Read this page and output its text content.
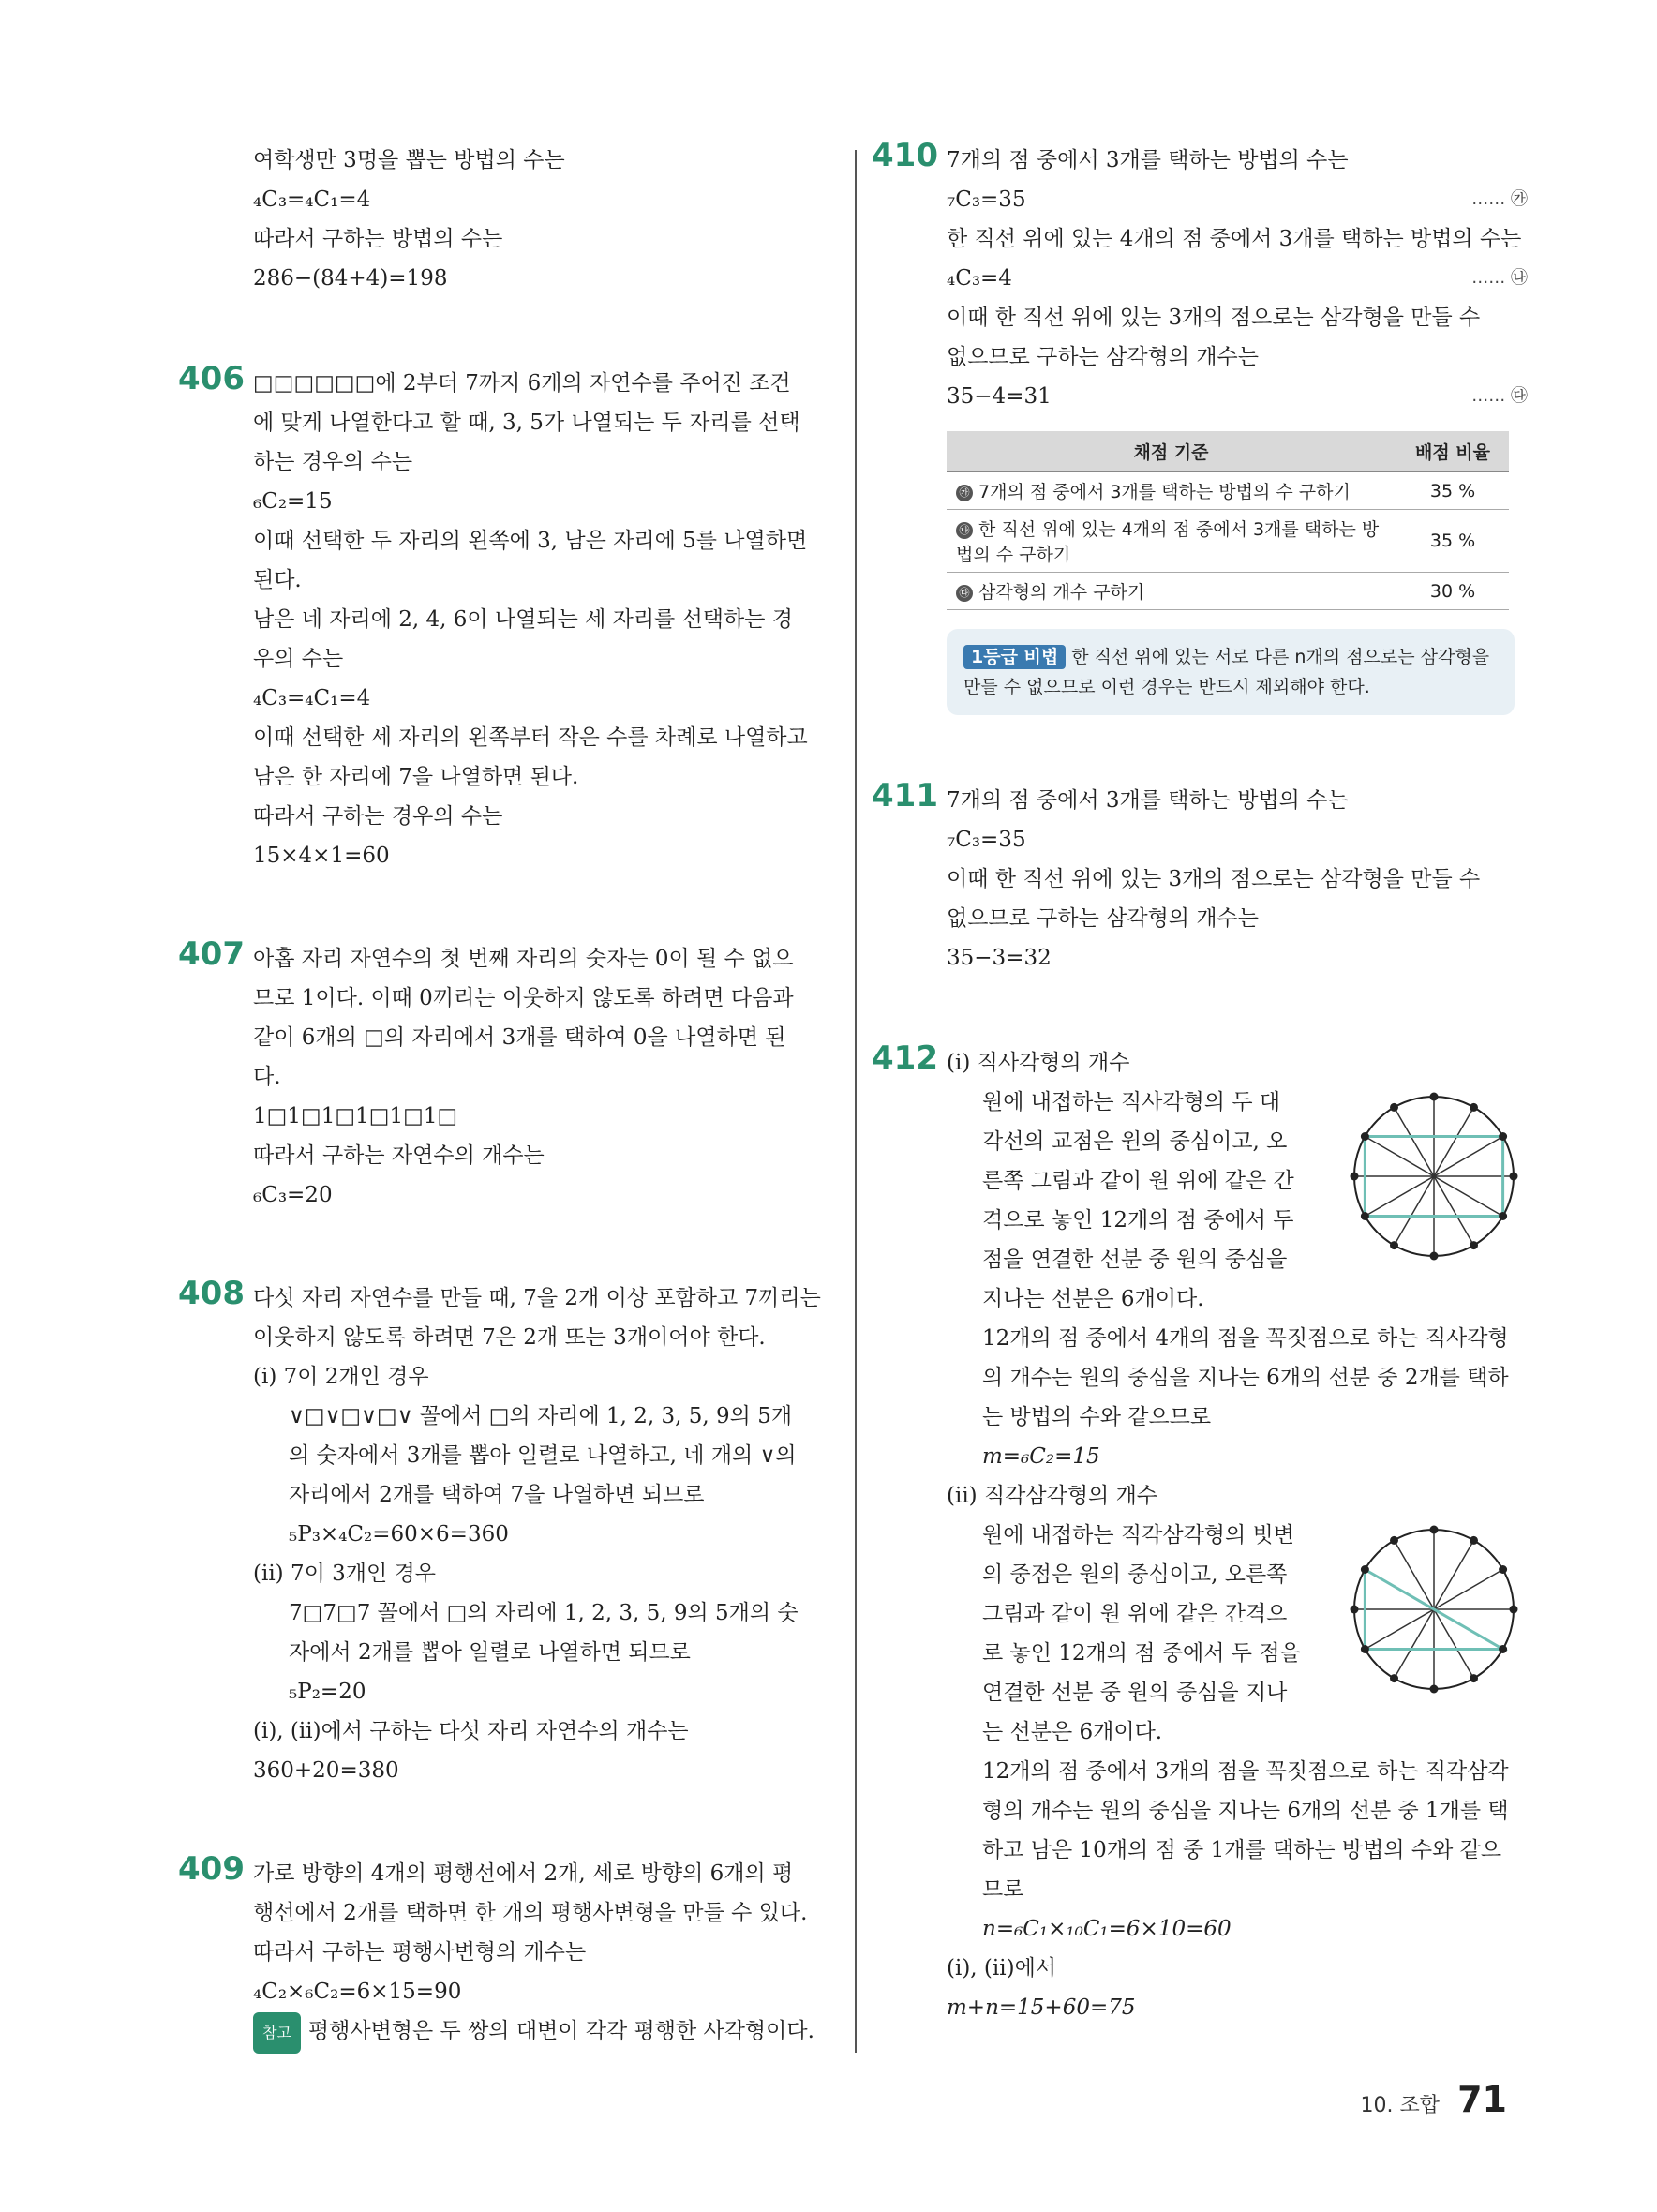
여학생만 3명을 뽑는 방법의 수는
₄C₃=₄C₁=4
따라서 구하는 방법의 수는
286−(84+4)=198
406 □□□□□□에 2부터 7까지 6개의 자연수를 주어진 조건
에 맞게 나열한다고 할 때, 3, 5가 나열되는 두 자리를 선택
하는 경우의 수는
₆C₂=15
이때 선택한 두 자리의 왼쪽에 3, 남은 자리에 5를 나열하면
된다.
남은 네 자리에 2, 4, 6이 나열되는 세 자리를 선택하는 경
우의 수는
₄C₃=₄C₁=4
이때 선택한 세 자리의 왼쪽부터 작은 수를 차례로 나열하고
남은 한 자리에 7을 나열하면 된다.
따라서 구하는 경우의 수는
15×4×1=60
407 아홉 자리 자연수의 첫 번째 자리의 숫자는 0이 될 수 없으
므로 1이다. 이때 0끼리는 이웃하지 않도록 하려면 다음과
같이 6개의 □의 자리에서 3개를 택하여 0을 나열하면 된
다.
1□1□1□1□1□1□
따라서 구하는 자연수의 개수는
₆C₃=20
408 다섯 자리 자연수를 만들 때, 7을 2개 이상 포함하고 7끼리는
이웃하지 않도록 하려면 7은 2개 또는 3개이어야 한다.
(ⅰ) 7이 2개인 경우
∨□∨□∨□∨ 꼴에서 □의 자리에 1, 2, 3, 5, 9의 5개
의 숫자에서 3개를 뽑아 일렬로 나열하고, 네 개의 ∨의
자리에서 2개를 택하여 7을 나열하면 되므로
₅P₃×₄C₂=60×6=360
(ⅱ) 7이 3개인 경우
7□7□7 꼴에서 □의 자리에 1, 2, 3, 5, 9의 5개의 숫
자에서 2개를 뽑아 일렬로 나열하면 되므로
₅P₂=20
(ⅰ), (ⅱ)에서 구하는 다섯 자리 자연수의 개수는
360+20=380
409 가로 방향의 4개의 평행선에서 2개, 세로 방향의 6개의 평
행선에서 2개를 택하면 한 개의 평행사변형을 만들 수 있다.
따라서 구하는 평행사변형의 개수는
₄C₂×₆C₂=6×15=90
참고 평행사변형은 두 쌍의 대변이 각각 평행한 사각형이다.
410 7개의 점 중에서 3개를 택하는 방법의 수는
₇C₃=35	…… ㉮
한 직선 위에 있는 4개의 점 중에서 3개를 택하는 방법의 수는
₄C₃=4	…… ㉯
이때 한 직선 위에 있는 3개의 점으로는 삼각형을 만들 수
없으므로 구하는 삼각형의 개수는
35−4=31	…… ㉰
채점 기준	배점 비율
㉮ 7개의 점 중에서 3개를 택하는 방법의 수 구하기	35 %
㉯ 한 직선 위에 있는 4개의 점 중에서 3개를 택하는 방법의 수 구하기	35 %
㉰ 삼각형의 개수 구하기	30 %
1등급 비법 한 직선 위에 있는 서로 다른 n개의 점으로는 삼각형을 만들 수 없으므로 이런 경우는 반드시 제외해야 한다.
411 7개의 점 중에서 3개를 택하는 방법의 수는
₇C₃=35
이때 한 직선 위에 있는 3개의 점으로는 삼각형을 만들 수
없으므로 구하는 삼각형의 개수는
35−3=32
412 (ⅰ) 직사각형의 개수
원에 내접하는 직사각형의 두 대
각선의 교점은 원의 중심이고, 오
른쪽 그림과 같이 원 위에 같은 간
격으로 놓인 12개의 점 중에서 두
점을 연결한 선분 중 원의 중심을
지나는 선분은 6개이다.
12개의 점 중에서 4개의 점을 꼭짓점으로 하는 직사각형
의 개수는 원의 중심을 지나는 6개의 선분 중 2개를 택하
는 방법의 수와 같으므로
m=₆C₂=15
(ⅱ) 직각삼각형의 개수
원에 내접하는 직각삼각형의 빗변
의 중점은 원의 중심이고, 오른쪽
그림과 같이 원 위에 같은 간격으
로 놓인 12개의 점 중에서 두 점을
연결한 선분 중 원의 중심을 지나
는 선분은 6개이다.
12개의 점 중에서 3개의 점을 꼭짓점으로 하는 직각삼각
형의 개수는 원의 중심을 지나는 6개의 선분 중 1개를 택
하고 남은 10개의 점 중 1개를 택하는 방법의 수와 같으
므로
n=₆C₁×₁₀C₁=6×10=60
(ⅰ), (ⅱ)에서
m+n=15+60=75
10. 조합 71
